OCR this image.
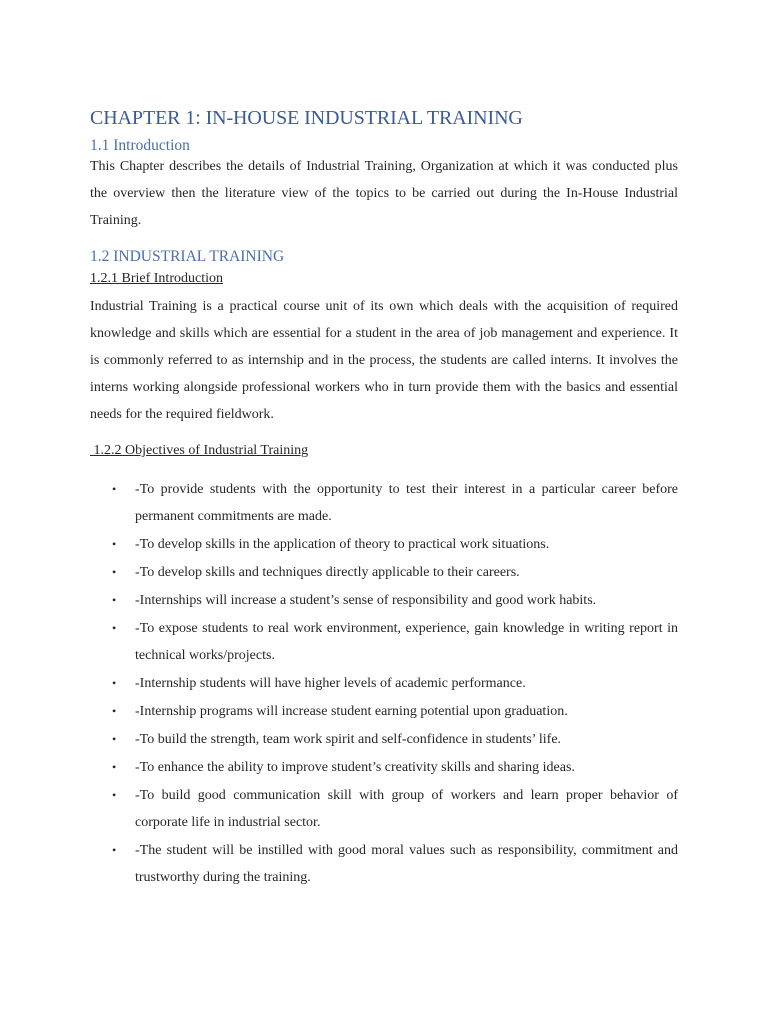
CHAPTER 1: IN-HOUSE INDUSTRIAL TRAINING
1.1 Introduction

This Chapter describes the details of Industrial Training, Organization at which it was conducted plus the overview then the literature view of the topics to be carried out during the In-House Industrial Training.

1.2 INDUSTRIAL TRAINING
1.2.1 Brief Introduction

Industrial Training is a practical course unit of its own which deals with the acquisition of required knowledge and skills which are essential for a student in the area of job management and experience. It is commonly referred to as internship and in the process, the students are called interns. It involves the interns working alongside professional workers who in turn provide them with the basics and essential needs for the required fieldwork.

1.2.2 Objectives of Industrial Training
• -To provide students with the opportunity to test their interest in a particular career before permanent commitments are made.
• -To develop skills in the application of theory to practical work situations.
• -To develop skills and techniques directly applicable to their careers.
• -Internships will increase a student’s sense of responsibility and good work habits.
• -To expose students to real work environment, experience, gain knowledge in writing report in technical works/projects.
• -Internship students will have higher levels of academic performance.
• -Internship programs will increase student earning potential upon graduation.
• -To build the strength, team work spirit and self-confidence in students’ life.
• -To enhance the ability to improve student’s creativity skills and sharing ideas.
• -To build good communication skill with group of workers and learn proper behavior of corporate life in industrial sector.
• -The student will be instilled with good moral values such as responsibility, commitment and trustworthy during the training.
